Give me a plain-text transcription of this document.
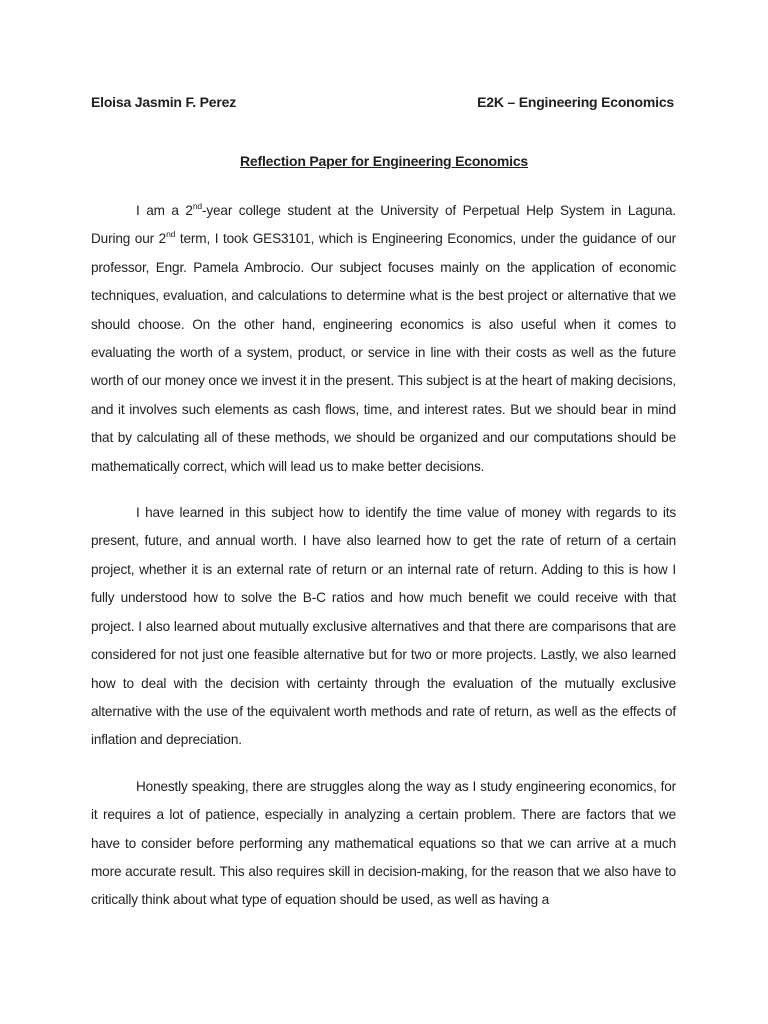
Eloisa Jasmin F. Perez	E2K – Engineering Economics
Reflection Paper for Engineering Economics

I am a 2nd-year college student at the University of Perpetual Help System in Laguna. During our 2nd term, I took GES3101, which is Engineering Economics, under the guidance of our professor, Engr. Pamela Ambrocio. Our subject focuses mainly on the application of economic techniques, evaluation, and calculations to determine what is the best project or alternative that we should choose. On the other hand, engineering economics is also useful when it comes to evaluating the worth of a system, product, or service in line with their costs as well as the future worth of our money once we invest it in the present. This subject is at the heart of making decisions, and it involves such elements as cash flows, time, and interest rates. But we should bear in mind that by calculating all of these methods, we should be organized and our computations should be mathematically correct, which will lead us to make better decisions.

I have learned in this subject how to identify the time value of money with regards to its present, future, and annual worth. I have also learned how to get the rate of return of a certain project, whether it is an external rate of return or an internal rate of return. Adding to this is how I fully understood how to solve the B-C ratios and how much benefit we could receive with that project. I also learned about mutually exclusive alternatives and that there are comparisons that are considered for not just one feasible alternative but for two or more projects. Lastly, we also learned how to deal with the decision with certainty through the evaluation of the mutually exclusive alternative with the use of the equivalent worth methods and rate of return, as well as the effects of inflation and depreciation.

Honestly speaking, there are struggles along the way as I study engineering economics, for it requires a lot of patience, especially in analyzing a certain problem. There are factors that we have to consider before performing any mathematical equations so that we can arrive at a much more accurate result. This also requires skill in decision-making, for the reason that we also have to critically think about what type of equation should be used, as well as having a
